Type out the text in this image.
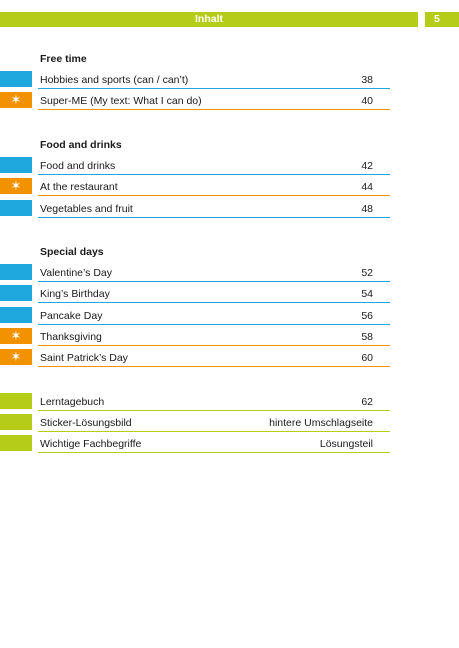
Inhalt	5
Free time
Hobbies and sports (can / can’t)	38
✶	Super-ME (My text: What I can do)	40
Food and drinks
Food and drinks	42
✶	At the restaurant	44
Vegetables and fruit	48
Special days
Valentine’s Day	52
King’s Birthday	54
Pancake Day	56
✶	Thanksgiving	58
✶	Saint Patrick’s Day	60
Lerntagebuch	62
Sticker-Lösungsbild	hintere Umschlagseite
Wichtige Fachbegriffe	Lösungsteil
